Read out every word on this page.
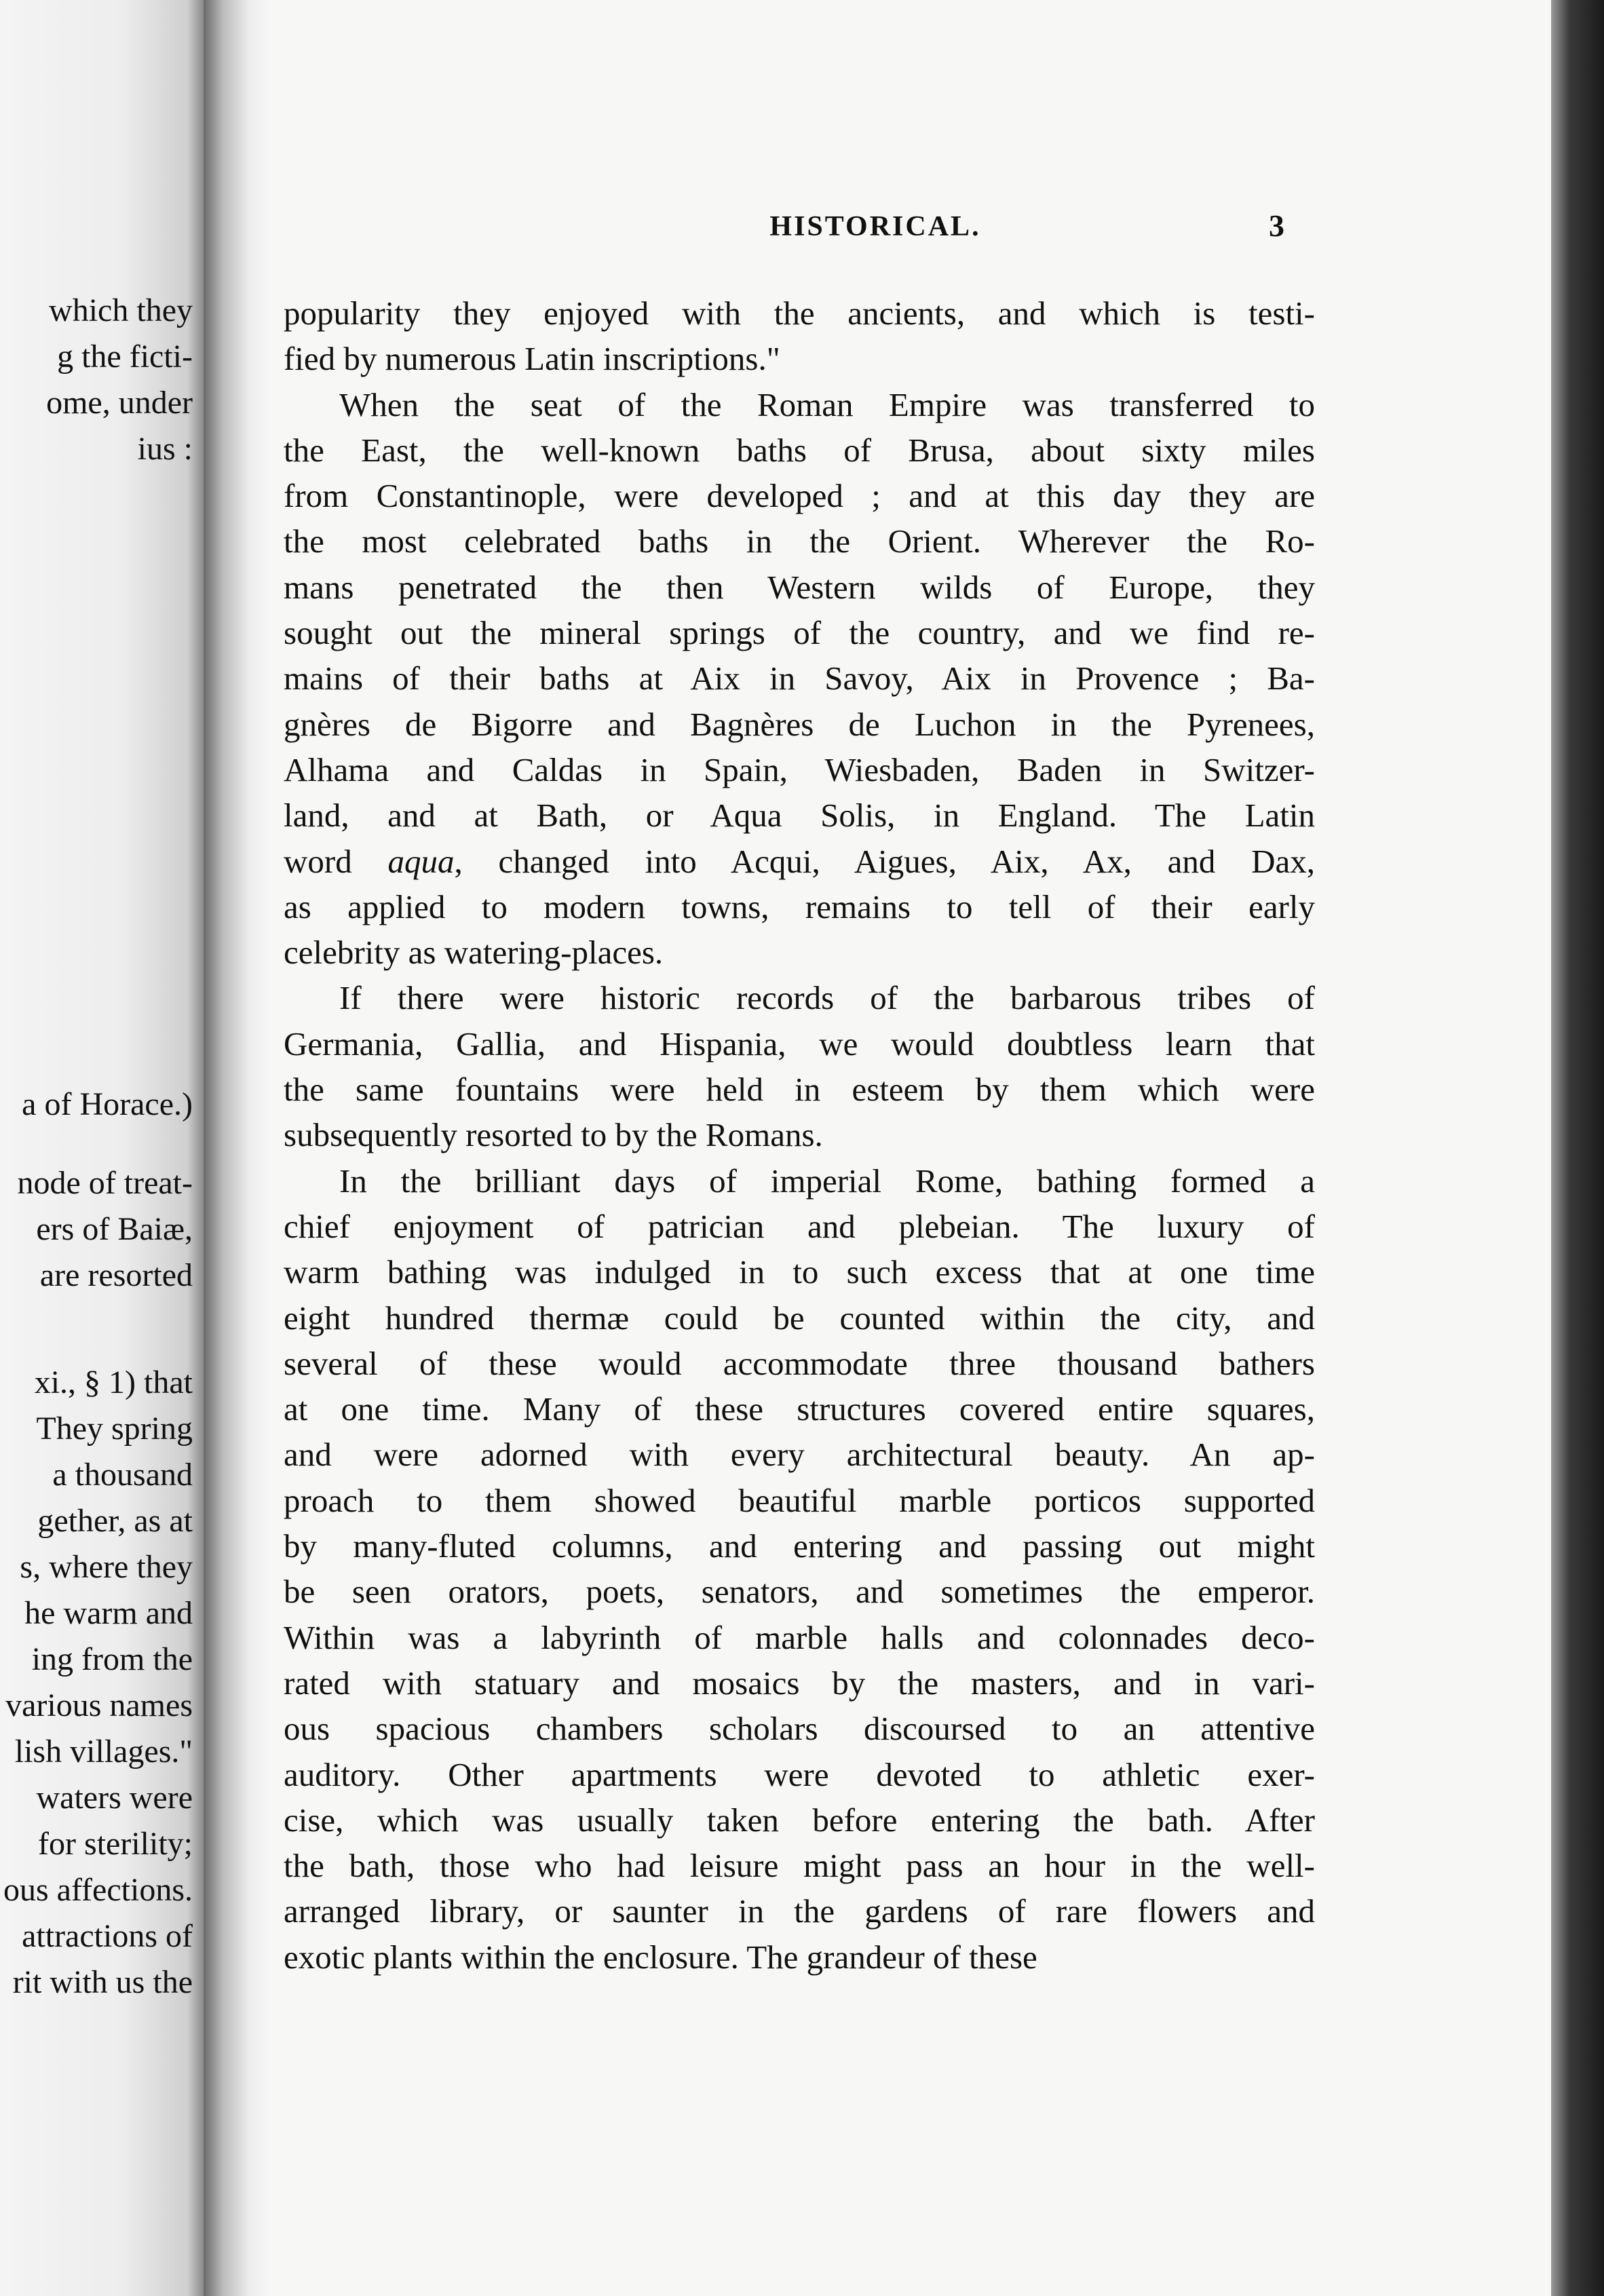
which they
g the ficti-
ome, under
ius :
a of Horace.)
node of treat-
ers of Baiæ,
are resorted
xi., § 1) that
They spring
a thousand
gether, as at
s, where they
he warm and
ing from the
various names
lish villages."
waters were
for sterility;
ous affections.
attractions of
rit with us the
HISTORICAL.	3
popularity they enjoyed with the ancients, and which is testi-
fied by numerous Latin inscriptions."
When the seat of the Roman Empire was transferred to
the East, the well-known baths of Brusa, about sixty miles
from Constantinople, were developed ; and at this day they are
the most celebrated baths in the Orient. Wherever the Ro-
mans penetrated the then Western wilds of Europe, they
sought out the mineral springs of the country, and we find re-
mains of their baths at Aix in Savoy, Aix in Provence ; Ba-
gnères de Bigorre and Bagnères de Luchon in the Pyrenees,
Alhama and Caldas in Spain, Wiesbaden, Baden in Switzer-
land, and at Bath, or Aqua Solis, in England. The Latin
word aqua, changed into Acqui, Aigues, Aix, Ax, and Dax,
as applied to modern towns, remains to tell of their early
celebrity as watering-places.
If there were historic records of the barbarous tribes of
Germania, Gallia, and Hispania, we would doubtless learn that
the same fountains were held in esteem by them which were
subsequently resorted to by the Romans.
In the brilliant days of imperial Rome, bathing formed a
chief enjoyment of patrician and plebeian. The luxury of
warm bathing was indulged in to such excess that at one time
eight hundred thermæ could be counted within the city, and
several of these would accommodate three thousand bathers
at one time. Many of these structures covered entire squares,
and were adorned with every architectural beauty. An ap-
proach to them showed beautiful marble porticos supported
by many-fluted columns, and entering and passing out might
be seen orators, poets, senators, and sometimes the emperor.
Within was a labyrinth of marble halls and colonnades deco-
rated with statuary and mosaics by the masters, and in vari-
ous spacious chambers scholars discoursed to an attentive
auditory. Other apartments were devoted to athletic exer-
cise, which was usually taken before entering the bath. After
the bath, those who had leisure might pass an hour in the well-
arranged library, or saunter in the gardens of rare flowers and
exotic plants within the enclosure. The grandeur of these
